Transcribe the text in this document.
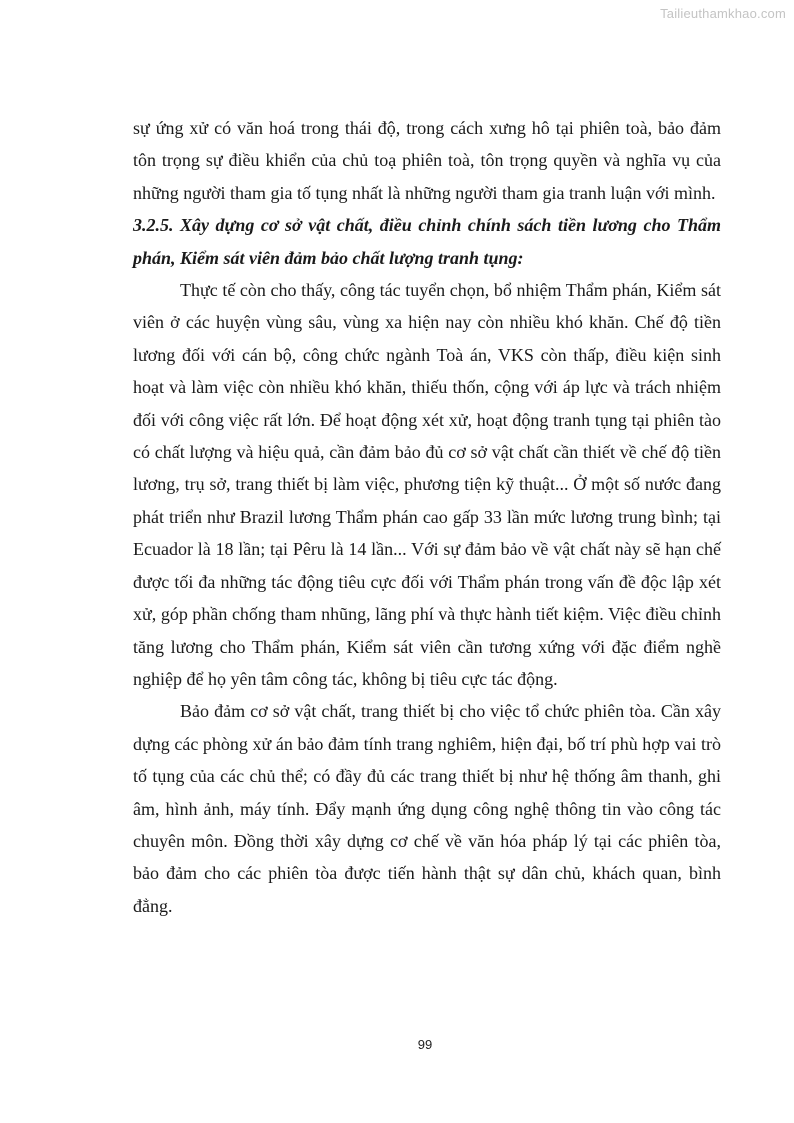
Tailieuthamkhao.com

sự ứng xử có văn hoá trong thái độ, trong cách xưng hô tại phiên toà, bảo đảm tôn trọng sự điều khiển của chủ toạ phiên toà, tôn trọng quyền và nghĩa vụ của những người tham gia tố tụng nhất là những người tham gia tranh luận với mình.

3.2.5. Xây dựng cơ sở vật chất, điều chỉnh chính sách tiền lương cho Thẩm phán, Kiểm sát viên đảm bảo chất lượng tranh tụng:

Thực tế còn cho thấy, công tác tuyển chọn, bổ nhiệm Thẩm phán, Kiểm sát viên ở các huyện vùng sâu, vùng xa hiện nay còn nhiều khó khăn. Chế độ tiền lương đối với cán bộ, công chức ngành Toà án, VKS còn thấp, điều kiện sinh hoạt và làm việc còn nhiều khó khăn, thiếu thốn, cộng với áp lực và trách nhiệm đối với công việc rất lớn. Để hoạt động xét xử, hoạt động tranh tụng tại phiên tào có chất lượng và hiệu quả, cần đảm bảo đủ cơ sở vật chất cần thiết về chế độ tiền lương, trụ sở, trang thiết bị làm việc, phương tiện kỹ thuật... Ở một số nước đang phát triển như Brazil lương Thẩm phán cao gấp 33 lần mức lương trung bình; tại Ecuador là 18 lần; tại Pêru là 14 lần... Với sự đảm bảo về vật chất này sẽ hạn chế được tối đa những tác động tiêu cực đối với Thẩm phán trong vấn đề độc lập xét xử, góp phần chống tham nhũng, lãng phí và thực hành tiết kiệm. Việc điều chỉnh tăng lương cho Thẩm phán, Kiểm sát viên cần tương xứng với đặc điểm nghề nghiệp để họ yên tâm công tác, không bị tiêu cực tác động.

Bảo đảm cơ sở vật chất, trang thiết bị cho việc tổ chức phiên tòa. Cần xây dựng các phòng xử án bảo đảm tính trang nghiêm, hiện đại, bố trí phù hợp vai trò tố tụng của các chủ thể; có đầy đủ các trang thiết bị như hệ thống âm thanh, ghi âm, hình ảnh, máy tính. Đẩy mạnh ứng dụng công nghệ thông tin vào công tác chuyên môn. Đồng thời xây dựng cơ chế về văn hóa pháp lý tại các phiên tòa, bảo đảm cho các phiên tòa được tiến hành thật sự dân chủ, khách quan, bình đẳng.

99
